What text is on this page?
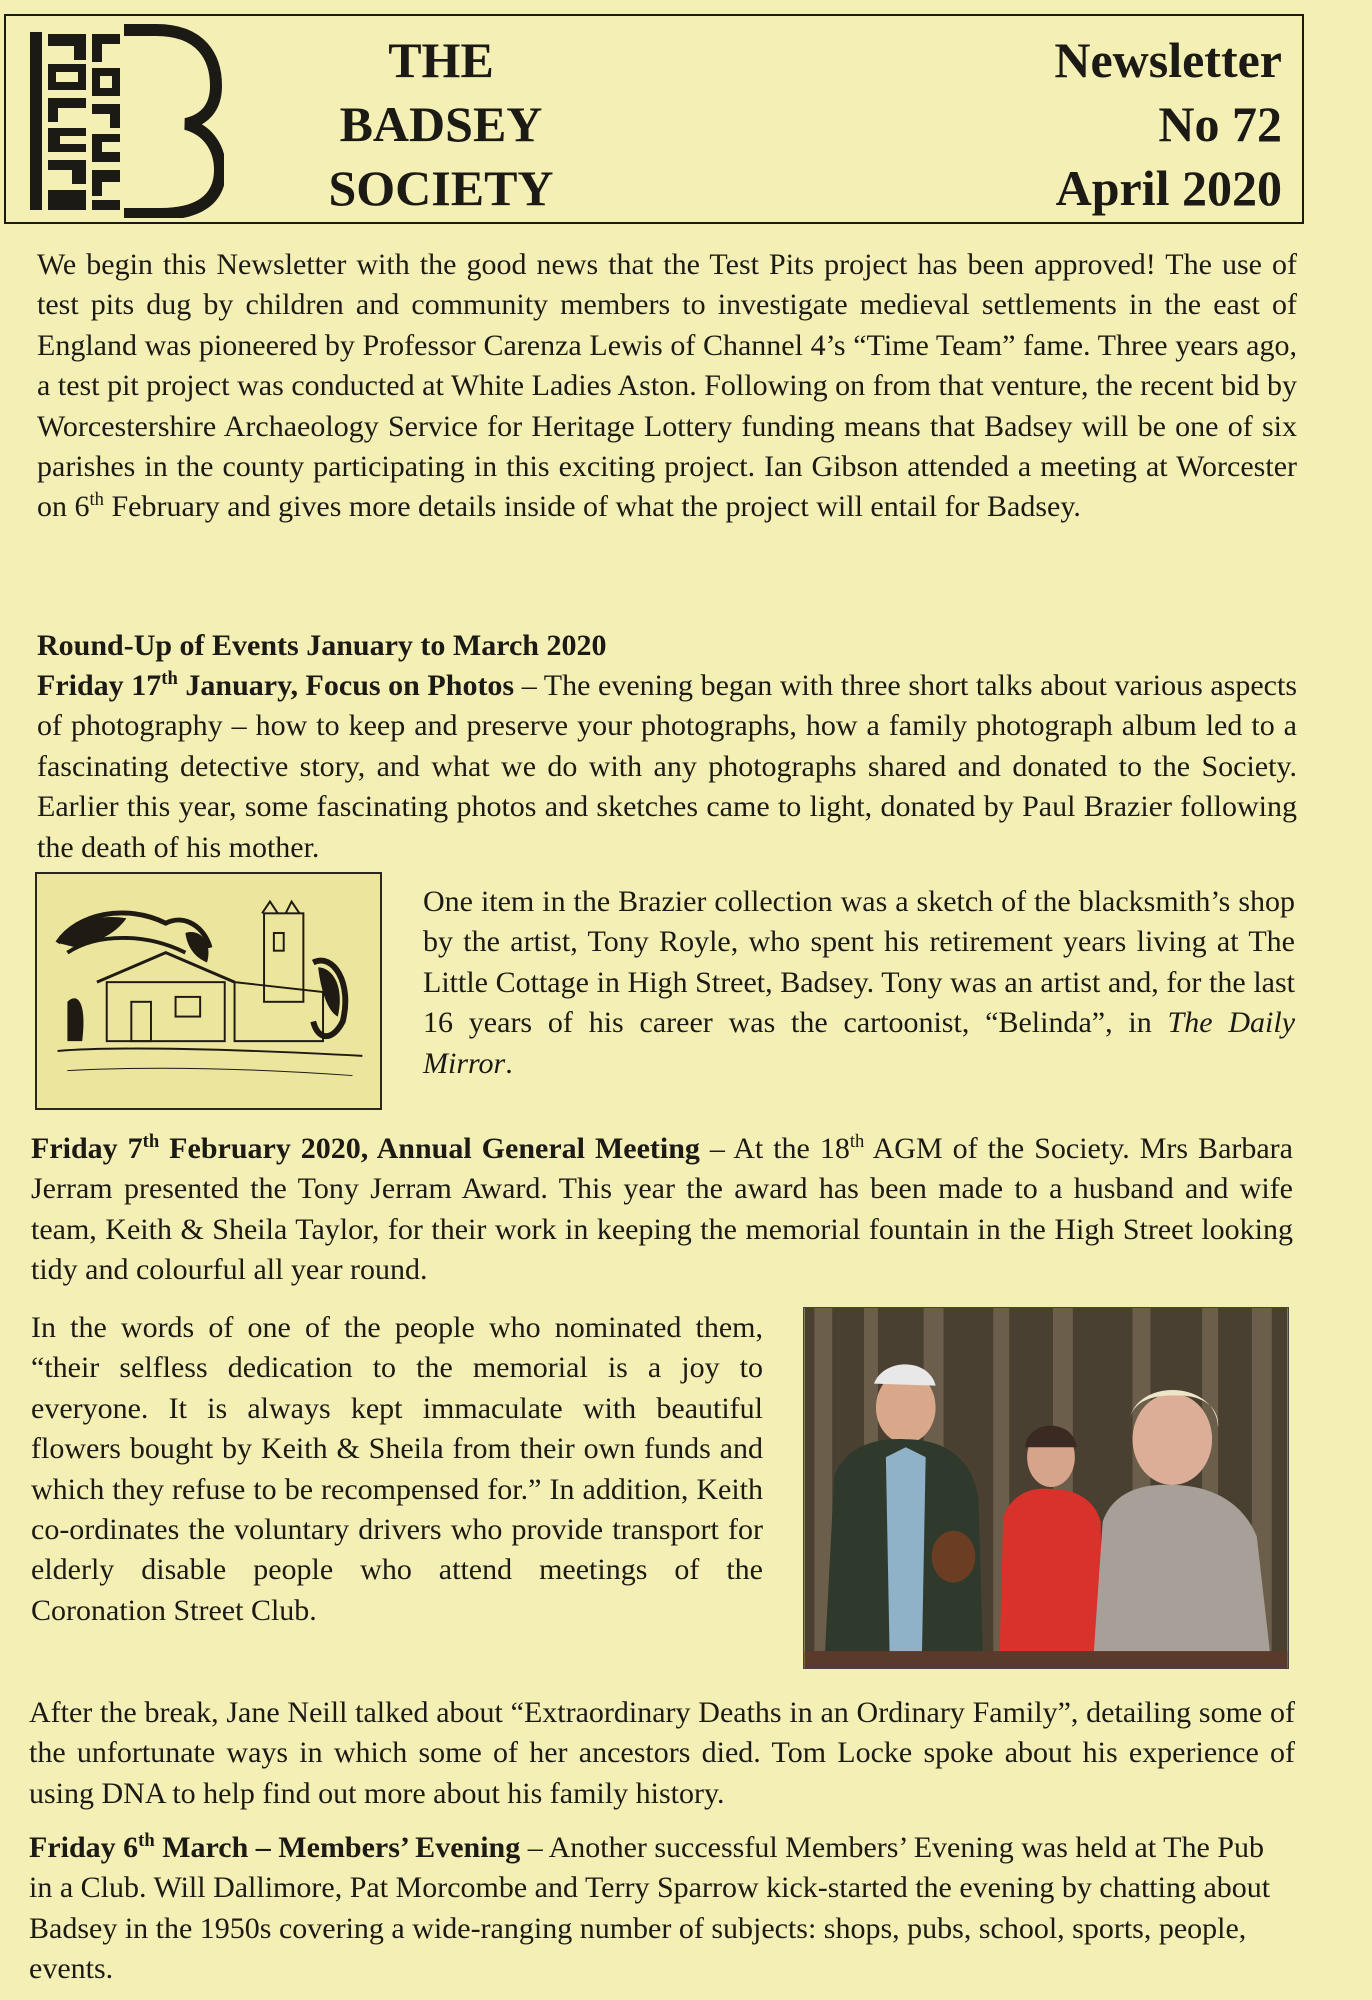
THE
BADSEY
SOCIETY
Newsletter
No 72
April 2020

We begin this Newsletter with the good news that the Test Pits project has been approved! The use of test pits dug by children and community members to investigate medieval settlements in the east of England was pioneered by Professor Carenza Lewis of Channel 4’s “Time Team” fame. Three years ago, a test pit project was conducted at White Ladies Aston. Following on from that venture, the recent bid by Worcestershire Archaeology Service for Heritage Lottery funding means that Badsey will be one of six parishes in the county participating in this exciting project. Ian Gibson attended a meeting at Worcester on 6th February and gives more details inside of what the project will entail for Badsey.

Round-Up of Events January to March 2020

Friday 17th January, Focus on Photos – The evening began with three short talks about various aspects of photography – how to keep and preserve your photographs, how a family photograph album led to a fascinating detective story, and what we do with any photographs shared and donated to the Society. Earlier this year, some fascinating photos and sketches came to light, donated by Paul Brazier following the death of his mother.

One item in the Brazier collection was a sketch of the blacksmith’s shop by the artist, Tony Royle, who spent his retirement years living at The Little Cottage in High Street, Badsey. Tony was an artist and, for the last 16 years of his career was the cartoonist, “Belinda”, in The Daily Mirror.

Friday 7th February 2020, Annual General Meeting – At the 18th AGM of the Society. Mrs Barbara Jerram presented the Tony Jerram Award. This year the award has been made to a husband and wife team, Keith & Sheila Taylor, for their work in keeping the memorial fountain in the High Street looking tidy and colourful all year round.

In the words of one of the people who nominated them, “their selfless dedication to the memorial is a joy to everyone. It is always kept immaculate with beautiful flowers bought by Keith & Sheila from their own funds and which they refuse to be recompensed for.” In addition, Keith co-ordinates the voluntary drivers who provide transport for elderly disable people who attend meetings of the Coronation Street Club.

After the break, Jane Neill talked about “Extraordinary Deaths in an Ordinary Family”, detailing some of the unfortunate ways in which some of her ancestors died. Tom Locke spoke about his experience of using DNA to help find out more about his family history.

Friday 6th March – Members’ Evening – Another successful Members’ Evening was held at The Pub in a Club. Will Dallimore, Pat Morcombe and Terry Sparrow kick-started the evening by chatting about Badsey in the 1950s covering a wide-ranging number of subjects: shops, pubs, school, sports, people, events.
